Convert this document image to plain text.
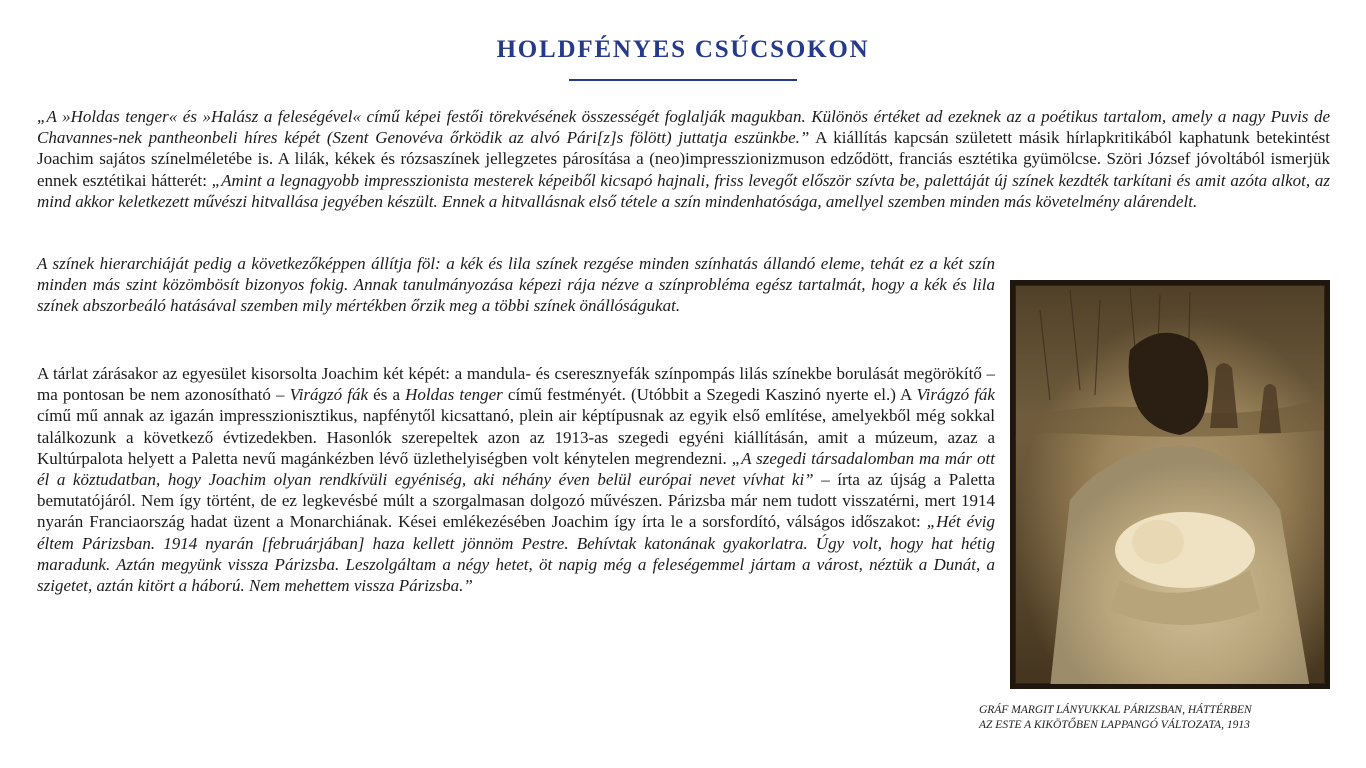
HOLDFÉNYES CSÚCSOKON

„A »Holdas tenger« és »Halász a feleségével« című képei festői törekvésének összességét foglalják magukban. Különös értéket ad ezeknek az a poétikus tartalom, amely a nagy Puvis de Chavannes-nek pantheonbeli híres képét (Szent Genovéva őrködik az alvó Pári[z]s fölött) juttatja eszünkbe.” A kiállítás kapcsán született másik hírlapkritikából kaphatunk betekintést Joachim sajátos színelméletébe is. A lilák, kékek és rózsaszínek jellegzetes párosítása a (neo)impresszionizmuson edződött, franciás esztétika gyümölcse. Szöri József jóvoltából ismerjük ennek esztétikai hátterét: „Amint a legnagyobb impresszionista mesterek képeiből kicsapó hajnali, friss levegőt először szívta be, palettáját új színek kezdték tarkítani és amit azóta alkot, az mind akkor keletkezett művészi hitvallása jegyében készült. Ennek a hitvallásnak első tétele a szín mindenhatósága, amellyel szemben minden más követelmény alárendelt.

A színek hierarchiáját pedig a következőképpen állítja föl: a kék és lila színek rezgése minden színhatás állandó eleme, tehát ez a két szín minden más szint közömbösít bizonyos fokig. Annak tanulmányozása képezi rája nézve a színprobléma egész tartalmát, hogy a kék és lila színek abszorbeáló hatásával szemben mily mértékben őrzik meg a többi színek önállóságukat.

A tárlat zárásakor az egyesület kisorsolta Joachim két képét: a mandula- és cseresznyefák színpompás lilás színekbe borulását megörökítő – ma pontosan be nem azonosítható – Virágzó fák és a Holdas tenger című festményét. (Utóbbit a Szegedi Kaszinó nyerte el.) A Virágzó fák című mű annak az igazán impresszionisztikus, napfénytől kicsattanó, plein air képtípusnak az egyik első említése, amelyekből még sokkal találkozunk a következő évtizedekben. Hasonlók szerepeltek azon az 1913-as szegedi egyéni kiállításán, amit a múzeum, azaz a Kultúrpalota helyett a Paletta nevű magánkézben lévő üzlethelyiségben volt kénytelen megrendezni. „A szegedi társadalomban ma már ott él a köztudatban, hogy Joachim olyan rendkívüli egyéniség, aki néhány éven belül európai nevet vívhat ki” – írta az újság a Paletta bemutatójáról. Nem így történt, de ez legkevésbé múlt a szorgalmasan dolgozó művészen. Párizsba már nem tudott visszatérni, mert 1914 nyarán Franciaország hadat üzent a Monarchiának. Kései emlékezésében Joachim így írta le a sorsfordító, válságos időszakot: „Hét évig éltem Párizsban. 1914 nyarán [februárjában] haza kellett jönnöm Pestre. Behívtak katonának gyakorlatra. Úgy volt, hogy hat hétig maradunk. Aztán megyünk vissza Párizsba. Leszolgáltam a négy hetet, öt napig még a feleségemmel jártam a várost, néztük a Dunát, a szigetet, aztán kitört a háború. Nem mehettem vissza Párizsba.”

GRÁF MARGIT LÁNYUKKAL PÁRIZSBAN, HÁTTÉRBEN
AZ ESTE A KIKÖTŐBEN LAPPANGÓ VÁLTOZATA, 1913
